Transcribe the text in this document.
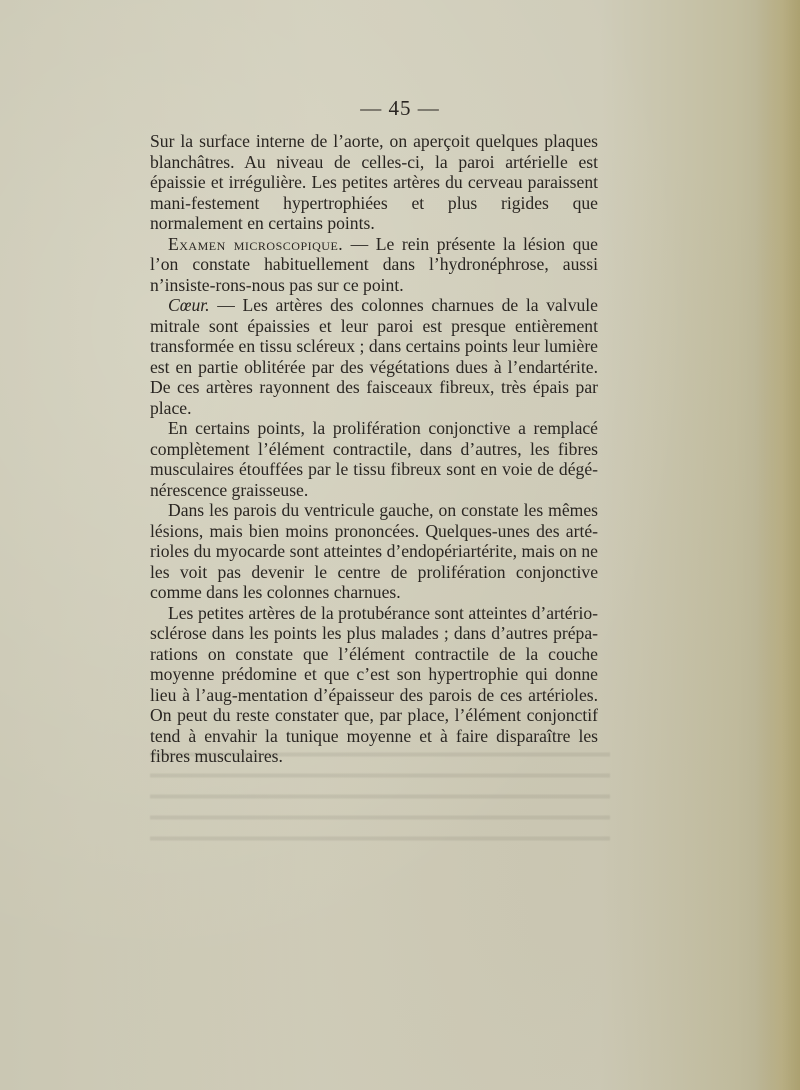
— 45 —

Sur la surface interne de l’aorte, on aperçoit quelques plaques blanchâtres. Au niveau de celles-ci, la paroi artérielle est épaissie et irrégulière. Les petites artères du cerveau paraissent mani-festement hypertrophiées et plus rigides que normalement en certains points.

Examen microscopique. — Le rein présente la lésion que l’on constate habituellement dans l’hydronéphrose, aussi n’insiste-rons-nous pas sur ce point.

Cœur. — Les artères des colonnes charnues de la valvule mitrale sont épaissies et leur paroi est presque entièrement transformée en tissu scléreux ; dans certains points leur lumière est en partie oblitérée par des végétations dues à l’endartérite. De ces artères rayonnent des faisceaux fibreux, très épais par place.

En certains points, la prolifération conjonctive a remplacé complètement l’élément contractile, dans d’autres, les fibres musculaires étouffées par le tissu fibreux sont en voie de dégé-nérescence graisseuse.

Dans les parois du ventricule gauche, on constate les mêmes lésions, mais bien moins prononcées. Quelques-unes des arté-rioles du myocarde sont atteintes d’endopériartérite, mais on ne les voit pas devenir le centre de prolifération conjonctive comme dans les colonnes charnues.

Les petites artères de la protubérance sont atteintes d’artério-sclérose dans les points les plus malades ; dans d’autres prépa-rations on constate que l’élément contractile de la couche moyenne prédomine et que c’est son hypertrophie qui donne lieu à l’aug-mentation d’épaisseur des parois de ces artérioles. On peut du reste constater que, par place, l’élément conjonctif tend à envahir la tunique moyenne et à faire disparaître les fibres musculaires.
